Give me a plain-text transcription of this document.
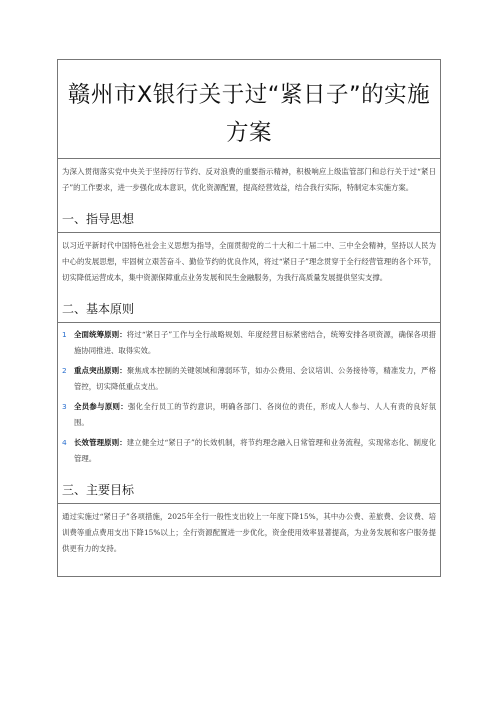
赣州市X银行关于过“紧日子”的实施方案
为深入贯彻落实党中央关于坚持厉行节约、反对浪费的重要指示精神，积极响应上级监管部门和总行关于过“紧日子”的工作要求，进一步强化成本意识，优化资源配置，提高经营效益，结合我行实际，特制定本实施方案。
一、指导思想
以习近平新时代中国特色社会主义思想为指导，全面贯彻党的二十大和二十届二中、三中全会精神，坚持以人民为中心的发展思想，牢固树立艰苦奋斗、勤俭节约的优良作风，将过“紧日子”理念贯穿于全行经营管理的各个环节，切实降低运营成本，集中资源保障重点业务发展和民生金融服务，为我行高质量发展提供坚实支撑。
二、基本原则
1 全面统筹原则：将过“紧日子”工作与全行战略规划、年度经营目标紧密结合，统筹安排各项资源，确保各项措施协同推进、取得实效。
2 重点突出原则：聚焦成本控制的关键领域和薄弱环节，如办公费用、会议培训、公务接待等，精准发力，严格管控，切实降低重点支出。
3 全员参与原则：强化全行员工的节约意识，明确各部门、各岗位的责任，形成人人参与、人人有责的良好氛围。
4 长效管理原则：建立健全过“紧日子”的长效机制，将节约理念融入日常管理和业务流程，实现常态化、制度化管理。
三、主要目标
通过实施过“紧日子”各项措施，2025年全行一般性支出较上一年度下降15%，其中办公费、差旅费、会议费、培训费等重点费用支出下降15%以上；全行资源配置进一步优化，资金使用效率显著提高，为业务发展和客户服务提供更有力的支持。
